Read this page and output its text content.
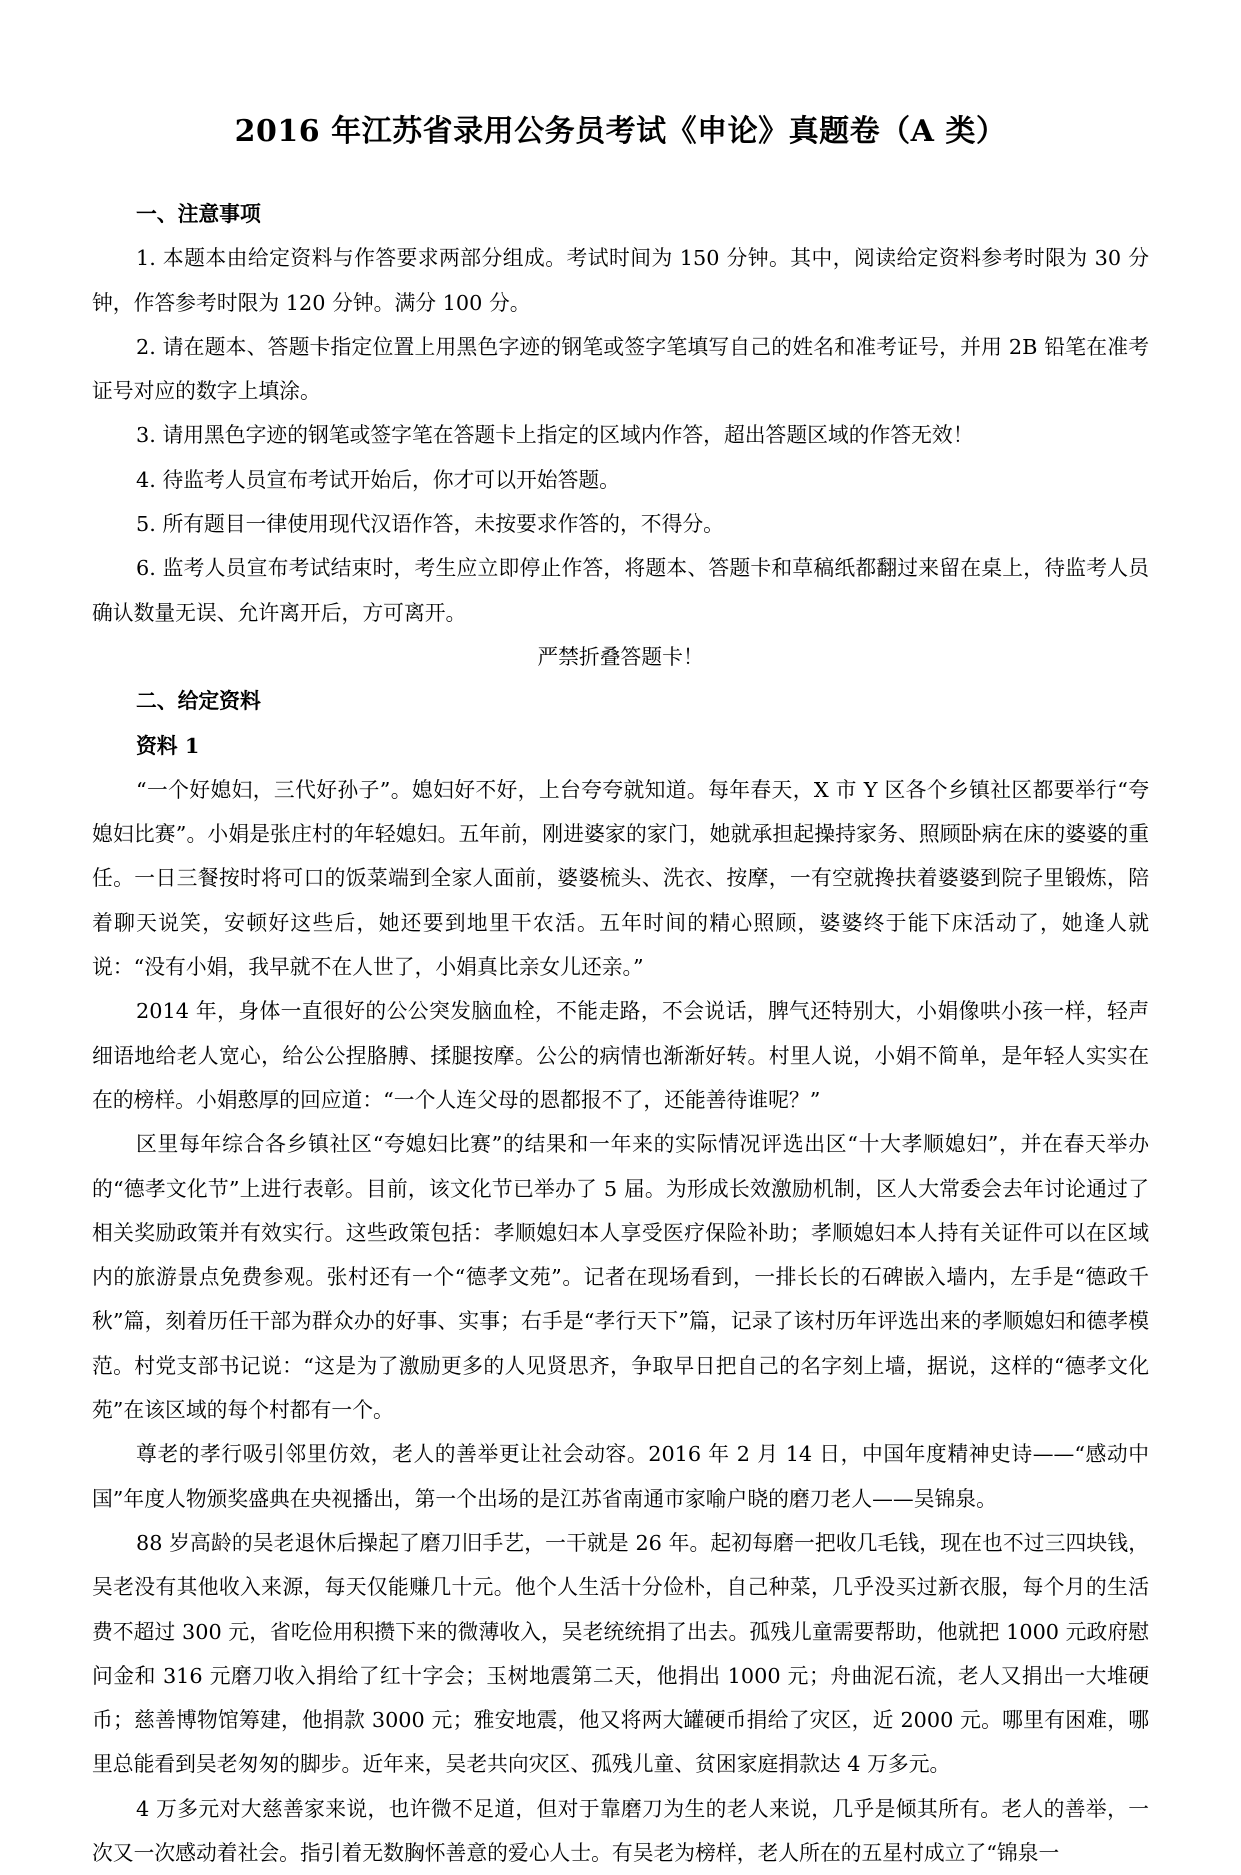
2016 年江苏省录用公务员考试《申论》真题卷（A 类）

一、注意事项

1. 本题本由给定资料与作答要求两部分组成。考试时间为 150 分钟。其中，阅读给定资料参考时限为 30 分钟，作答参考时限为 120 分钟。满分 100 分。

2. 请在题本、答题卡指定位置上用黑色字迹的钢笔或签字笔填写自己的姓名和准考证号，并用 2B 铅笔在准考证号对应的数字上填涂。

3. 请用黑色字迹的钢笔或签字笔在答题卡上指定的区域内作答，超出答题区域的作答无效！

4. 待监考人员宣布考试开始后，你才可以开始答题。

5. 所有题目一律使用现代汉语作答，未按要求作答的，不得分。

6. 监考人员宣布考试结束时，考生应立即停止作答，将题本、答题卡和草稿纸都翻过来留在桌上，待监考人员确认数量无误、允许离开后，方可离开。

严禁折叠答题卡！

二、给定资料

资料 1

“一个好媳妇，三代好孙子”。媳妇好不好，上台夸夸就知道。每年春天，X 市 Y 区各个乡镇社区都要举行“夸媳妇比赛”。小娟是张庄村的年轻媳妇。五年前，刚进婆家的家门，她就承担起操持家务、照顾卧病在床的婆婆的重任。一日三餐按时将可口的饭菜端到全家人面前，婆婆梳头、洗衣、按摩，一有空就搀扶着婆婆到院子里锻炼，陪着聊天说笑，安顿好这些后，她还要到地里干农活。五年时间的精心照顾，婆婆终于能下床活动了，她逢人就说：“没有小娟，我早就不在人世了，小娟真比亲女儿还亲。”

2014 年，身体一直很好的公公突发脑血栓，不能走路，不会说话，脾气还特别大，小娟像哄小孩一样，轻声细语地给老人宽心，给公公捏胳膊、揉腿按摩。公公的病情也渐渐好转。村里人说，小娟不简单，是年轻人实实在在的榜样。小娟憨厚的回应道：“一个人连父母的恩都报不了，还能善待谁呢？”

区里每年综合各乡镇社区“夸媳妇比赛”的结果和一年来的实际情况评选出区“十大孝顺媳妇”，并在春天举办的“德孝文化节”上进行表彰。目前，该文化节已举办了 5 届。为形成长效激励机制，区人大常委会去年讨论通过了相关奖励政策并有效实行。这些政策包括：孝顺媳妇本人享受医疗保险补助；孝顺媳妇本人持有关证件可以在区域内的旅游景点免费参观。张村还有一个“德孝文苑”。记者在现场看到，一排长长的石碑嵌入墙内，左手是“德政千秋”篇，刻着历任干部为群众办的好事、实事；右手是“孝行天下”篇，记录了该村历年评选出来的孝顺媳妇和德孝模范。村党支部书记说：“这是为了激励更多的人见贤思齐，争取早日把自己的名字刻上墙，据说，这样的“德孝文化苑”在该区域的每个村都有一个。

尊老的孝行吸引邻里仿效，老人的善举更让社会动容。2016 年 2 月 14 日，中国年度精神史诗——“感动中国”年度人物颁奖盛典在央视播出，第一个出场的是江苏省南通市家喻户晓的磨刀老人——吴锦泉。

88 岁高龄的吴老退休后操起了磨刀旧手艺，一干就是 26 年。起初每磨一把收几毛钱，现在也不过三四块钱，吴老没有其他收入来源，每天仅能赚几十元。他个人生活十分俭朴，自己种菜，几乎没买过新衣服，每个月的生活费不超过 300 元，省吃俭用积攒下来的微薄收入，吴老统统捐了出去。孤残儿童需要帮助，他就把 1000 元政府慰问金和 316 元磨刀收入捐给了红十字会；玉树地震第二天，他捐出 1000 元；舟曲泥石流，老人又捐出一大堆硬币；慈善博物馆筹建，他捐款 3000 元；雅安地震，他又将两大罐硬币捐给了灾区，近 2000 元。哪里有困难，哪里总能看到吴老匆匆的脚步。近年来，吴老共向灾区、孤残儿童、贫困家庭捐款达 4 万多元。

4 万多元对大慈善家来说，也许微不足道，但对于靠磨刀为生的老人来说，几乎是倾其所有。老人的善举，一次又一次感动着社会。指引着无数胸怀善意的爱心人士。有吴老为榜样，老人所在的五星村成立了“锦泉一
